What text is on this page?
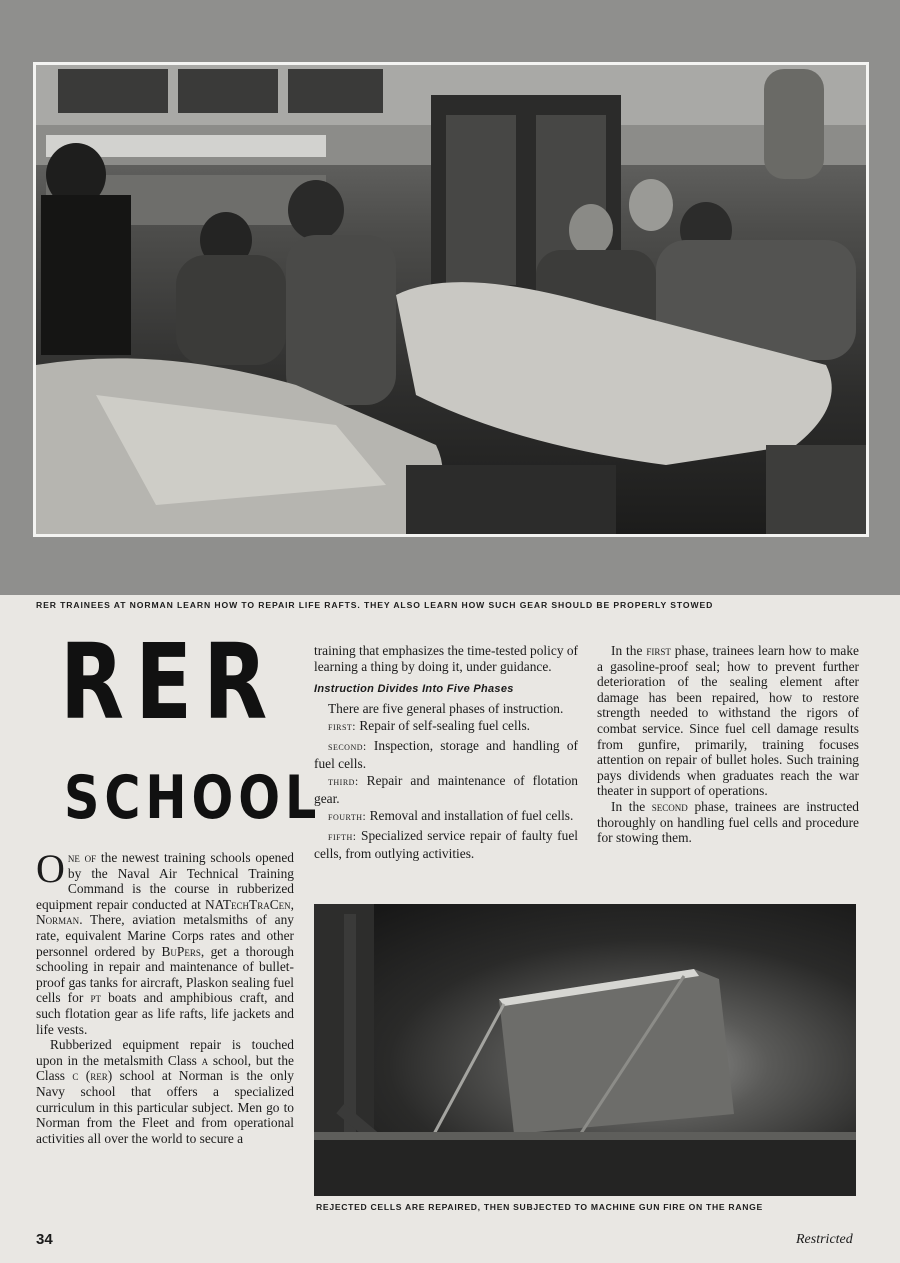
RER TRAINEES AT NORMAN LEARN HOW TO REPAIR LIFE RAFTS. THEY ALSO LEARN HOW SUCH GEAR SHOULD BE PROPERLY STOWED
RER
SCHOOL

One of the newest training schools opened by the Naval Air Technical Training Command is the course in rubberized equipment repair conducted at NATechTraCen, Norman. There, aviation metalsmiths of any rate, equivalent Marine Corps rates and other personnel ordered by BuPers, get a thorough schooling in repair and maintenance of bullet-proof gas tanks for aircraft, Plaskon sealing fuel cells for pt boats and amphibious craft, and such flotation gear as life rafts, life jackets and life vests.

Rubberized equipment repair is touched upon in the metalsmith Class a school, but the Class c (rer) school at Norman is the only Navy school that offers a specialized curriculum in this particular subject. Men go to Norman from the Fleet and from operational activities all over the world to secure a

training that emphasizes the time-tested policy of learning a thing by doing it, under guidance.

Instruction Divides Into Five Phases

There are five general phases of instruction.

first: Repair of self-sealing fuel cells.

second: Inspection, storage and handling of fuel cells.

third: Repair and maintenance of flotation gear.

fourth: Removal and installation of fuel cells.

fifth: Specialized service repair of faulty fuel cells, from outlying activities.

In the first phase, trainees learn how to make a gasoline-proof seal; how to prevent further deterioration of the sealing element after damage has been repaired, how to restore strength needed to withstand the rigors of combat service. Since fuel cell damage results from gunfire, primarily, training focuses attention on repair of bullet holes. Such training pays dividends when graduates reach the war theater in support of operations.

In the second phase, trainees are instructed thoroughly on handling fuel cells and procedure for stowing them.

REJECTED CELLS ARE REPAIRED, THEN SUBJECTED TO MACHINE GUN FIRE ON THE RANGE
34	Restricted
